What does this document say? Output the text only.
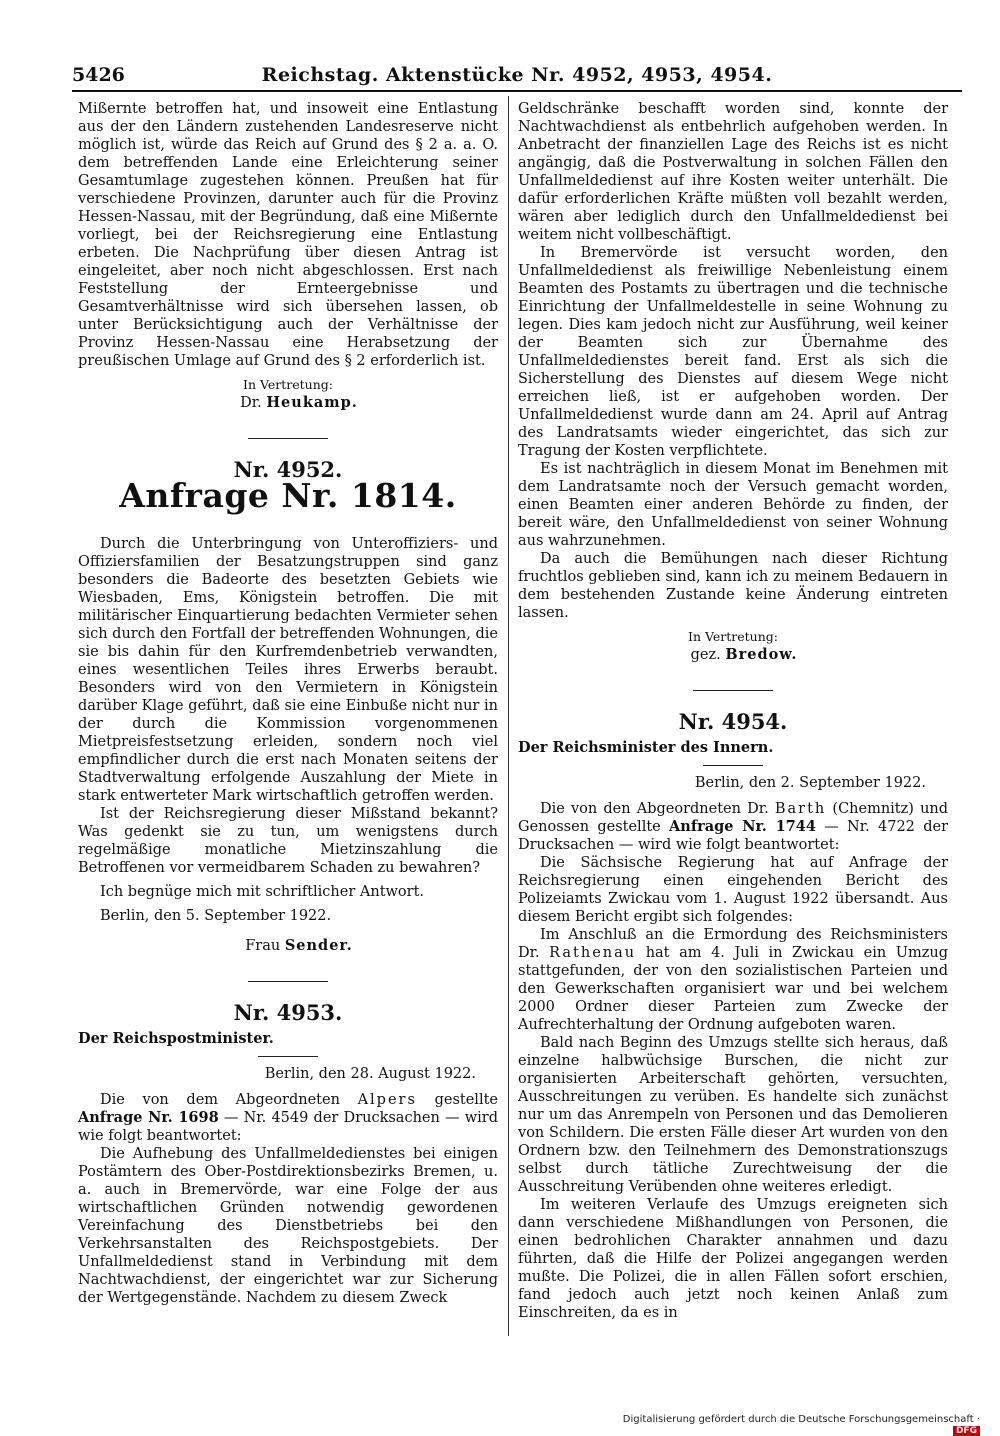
5426	Reichstag. Aktenstücke Nr. 4952, 4953, 4954.

Mißernte betroffen hat, und insoweit eine Entlastung aus der den Ländern zustehenden Landesreserve nicht möglich ist, würde das Reich auf Grund des § 2 a. a. O. dem betreffenden Lande eine Erleichterung seiner Gesamtumlage zugestehen können. Preußen hat für verschiedene Provinzen, darunter auch für die Provinz Hessen-Nassau, mit der Begründung, daß eine Mißernte vorliegt, bei der Reichsregierung eine Entlastung erbeten. Die Nachprüfung über diesen Antrag ist eingeleitet, aber noch nicht abgeschlossen. Erst nach Feststellung der Ernteergebnisse und Gesamtverhältnisse wird sich übersehen lassen, ob unter Berücksichtigung auch der Verhältnisse der Provinz Hessen-Nassau eine Herabsetzung der preußischen Umlage auf Grund des § 2 erforderlich ist.

In Vertretung:

Dr. Heukamp.

Nr. 4952.
Anfrage Nr. 1814.

Durch die Unterbringung von Unteroffiziers- und Offiziersfamilien der Besatzungstruppen sind ganz besonders die Badeorte des besetzten Gebiets wie Wiesbaden, Ems, Königstein betroffen. Die mit militärischer Einquartierung bedachten Vermieter sehen sich durch den Fortfall der betreffenden Wohnungen, die sie bis dahin für den Kurfremdenbetrieb verwandten, eines wesentlichen Teiles ihres Erwerbs beraubt. Besonders wird von den Vermietern in Königstein darüber Klage geführt, daß sie eine Einbuße nicht nur in der durch die Kommission vorgenommenen Mietpreisfestsetzung erleiden, sondern noch viel empfindlicher durch die erst nach Monaten seitens der Stadtverwaltung erfolgende Auszahlung der Miete in stark entwerteter Mark wirtschaftlich getroffen werden.

Ist der Reichsregierung dieser Mißstand bekannt? Was gedenkt sie zu tun, um wenigstens durch regelmäßige monatliche Mietzinszahlung die Betroffenen vor vermeidbarem Schaden zu bewahren?

Ich begnüge mich mit schriftlicher Antwort.

Berlin, den 5. September 1922.

Frau Sender.

Nr. 4953.
Der Reichspostminister.
Berlin, den 28. August 1922.

Die von dem Abgeordneten Alpers gestellte Anfrage Nr. 1698 — Nr. 4549 der Drucksachen — wird wie folgt beantwortet:

Die Aufhebung des Unfallmeldedienstes bei einigen Postämtern des Ober-Postdirektionsbezirks Bremen, u. a. auch in Bremervörde, war eine Folge der aus wirtschaftlichen Gründen notwendig gewordenen Vereinfachung des Dienstbetriebs bei den Verkehrsanstalten des Reichspostgebiets. Der Unfallmeldedienst stand in Verbindung mit dem Nachtwachdienst, der eingerichtet war zur Sicherung der Wertgegenstände. Nachdem zu diesem Zweck

Geldschränke beschafft worden sind, konnte der Nachtwachdienst als entbehrlich aufgehoben werden. In Anbetracht der finanziellen Lage des Reichs ist es nicht angängig, daß die Postverwaltung in solchen Fällen den Unfallmeldedienst auf ihre Kosten weiter unterhält. Die dafür erforderlichen Kräfte müßten voll bezahlt werden, wären aber lediglich durch den Unfallmeldedienst bei weitem nicht vollbeschäftigt.

In Bremervörde ist versucht worden, den Unfallmeldedienst als freiwillige Nebenleistung einem Beamten des Postamts zu übertragen und die technische Einrichtung der Unfallmeldestelle in seine Wohnung zu legen. Dies kam jedoch nicht zur Ausführung, weil keiner der Beamten sich zur Übernahme des Unfallmeldedienstes bereit fand. Erst als sich die Sicherstellung des Dienstes auf diesem Wege nicht erreichen ließ, ist er aufgehoben worden. Der Unfallmeldedienst wurde dann am 24. April auf Antrag des Landratsamts wieder eingerichtet, das sich zur Tragung der Kosten verpflichtete.

Es ist nachträglich in diesem Monat im Benehmen mit dem Landratsamte noch der Versuch gemacht worden, einen Beamten einer anderen Behörde zu finden, der bereit wäre, den Unfallmeldedienst von seiner Wohnung aus wahrzunehmen.

Da auch die Bemühungen nach dieser Richtung fruchtlos geblieben sind, kann ich zu meinem Bedauern in dem bestehenden Zustande keine Änderung eintreten lassen.

In Vertretung:

gez. Bredow.

Nr. 4954.
Der Reichsminister des Innern.
Berlin, den 2. September 1922.

Die von den Abgeordneten Dr. Barth (Chemnitz) und Genossen gestellte Anfrage Nr. 1744 — Nr. 4722 der Drucksachen — wird wie folgt beantwortet:

Die Sächsische Regierung hat auf Anfrage der Reichsregierung einen eingehenden Bericht des Polizeiamts Zwickau vom 1. August 1922 übersandt. Aus diesem Bericht ergibt sich folgendes:

Im Anschluß an die Ermordung des Reichsministers Dr. Rathenau hat am 4. Juli in Zwickau ein Umzug stattgefunden, der von den sozialistischen Parteien und den Gewerkschaften organisiert war und bei welchem 2000 Ordner dieser Parteien zum Zwecke der Aufrechterhaltung der Ordnung aufgeboten waren.

Bald nach Beginn des Umzugs stellte sich heraus, daß einzelne halbwüchsige Burschen, die nicht zur organisierten Arbeiterschaft gehörten, versuchten, Ausschreitungen zu verüben. Es handelte sich zunächst nur um das Anrempeln von Personen und das Demolieren von Schildern. Die ersten Fälle dieser Art wurden von den Ordnern bzw. den Teilnehmern des Demonstrationszugs selbst durch tätliche Zurechtweisung der die Ausschreitung Verübenden ohne weiteres erledigt.

Im weiteren Verlaufe des Umzugs ereigneten sich dann verschiedene Mißhandlungen von Personen, die einen bedrohlichen Charakter annahmen und dazu führten, daß die Hilfe der Polizei angegangen werden mußte. Die Polizei, die in allen Fällen sofort erschien, fand jedoch auch jetzt noch keinen Anlaß zum Einschreiten, da es in

Digitalisierung gefördert durch die Deutsche Forschungsgemeinschaft · DFG
